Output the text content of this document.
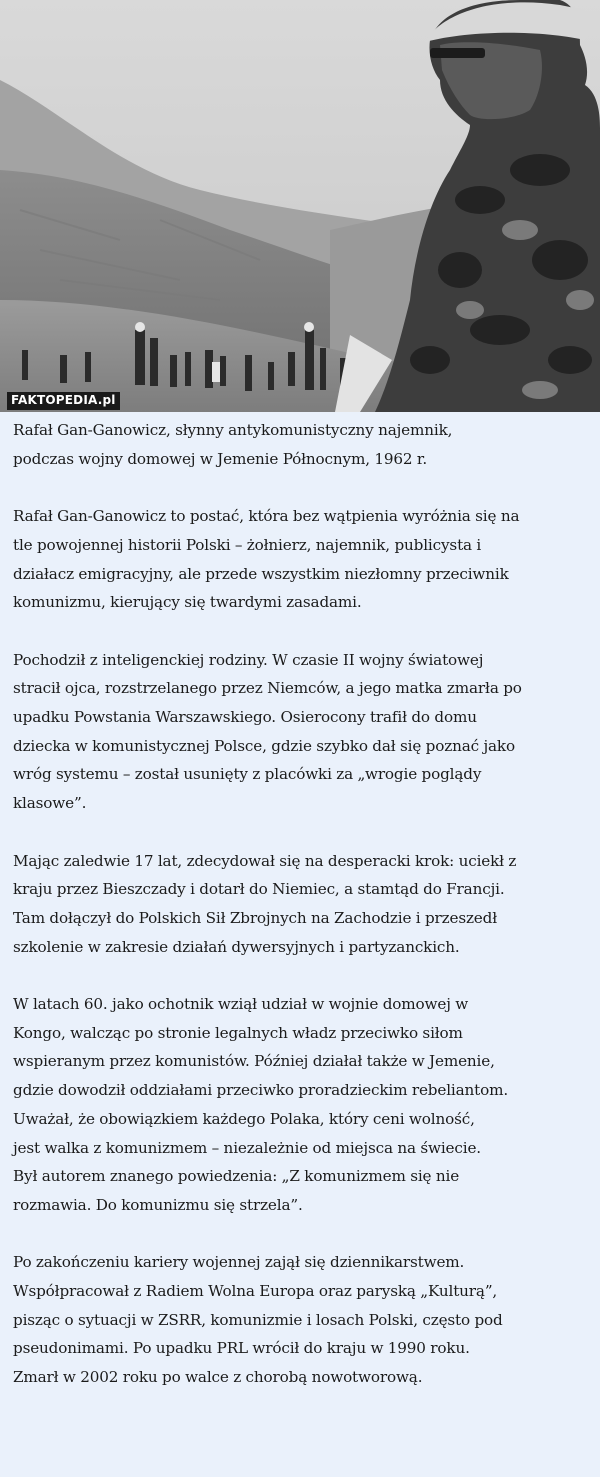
FAKTOPEDIA.pl

Rafał Gan-Ganowicz, słynny antykomunistyczny najemnik,
podczas wojny domowej w Jemenie Północnym, 1962 r.

Rafał Gan-Ganowicz to postać, która bez wątpienia wyróżnia się na
tle powojennej historii Polski – żołnierz, najemnik, publicysta i
działacz emigracyjny, ale przede wszystkim niezłomny przeciwnik
komunizmu, kierujący się twardymi zasadami.

Pochodził z inteligenckiej rodziny. W czasie II wojny światowej
stracił ojca, rozstrzelanego przez Niemców, a jego matka zmarła po
upadku Powstania Warszawskiego. Osierocony trafił do domu
dziecka w komunistycznej Polsce, gdzie szybko dał się poznać jako
wróg systemu – został usunięty z placówki za „wrogie poglądy
klasowe”.

Mając zaledwie 17 lat, zdecydował się na desperacki krok: uciekł z
kraju przez Bieszczady i dotarł do Niemiec, a stamtąd do Francji.
Tam dołączył do Polskich Sił Zbrojnych na Zachodzie i przeszedł
szkolenie w zakresie działań dywersyjnych i partyzanckich.

W latach 60. jako ochotnik wziął udział w wojnie domowej w
Kongo, walcząc po stronie legalnych władz przeciwko siłom
wspieranym przez komunistów. Później działał także w Jemenie,
gdzie dowodził oddziałami przeciwko proradzieckim rebeliantom.
Uważał, że obowiązkiem każdego Polaka, który ceni wolność,
jest walka z komunizmem – niezależnie od miejsca na świecie.
Był autorem znanego powiedzenia: „Z komunizmem się nie
rozmawia. Do komunizmu się strzela”.

Po zakończeniu kariery wojennej zajął się dziennikarstwem.
Współpracował z Radiem Wolna Europa oraz paryską „Kulturą”,
pisząc o sytuacji w ZSRR, komunizmie i losach Polski, często pod
pseudonimami. Po upadku PRL wrócił do kraju w 1990 roku.
Zmarł w 2002 roku po walce z chorobą nowotworową.
